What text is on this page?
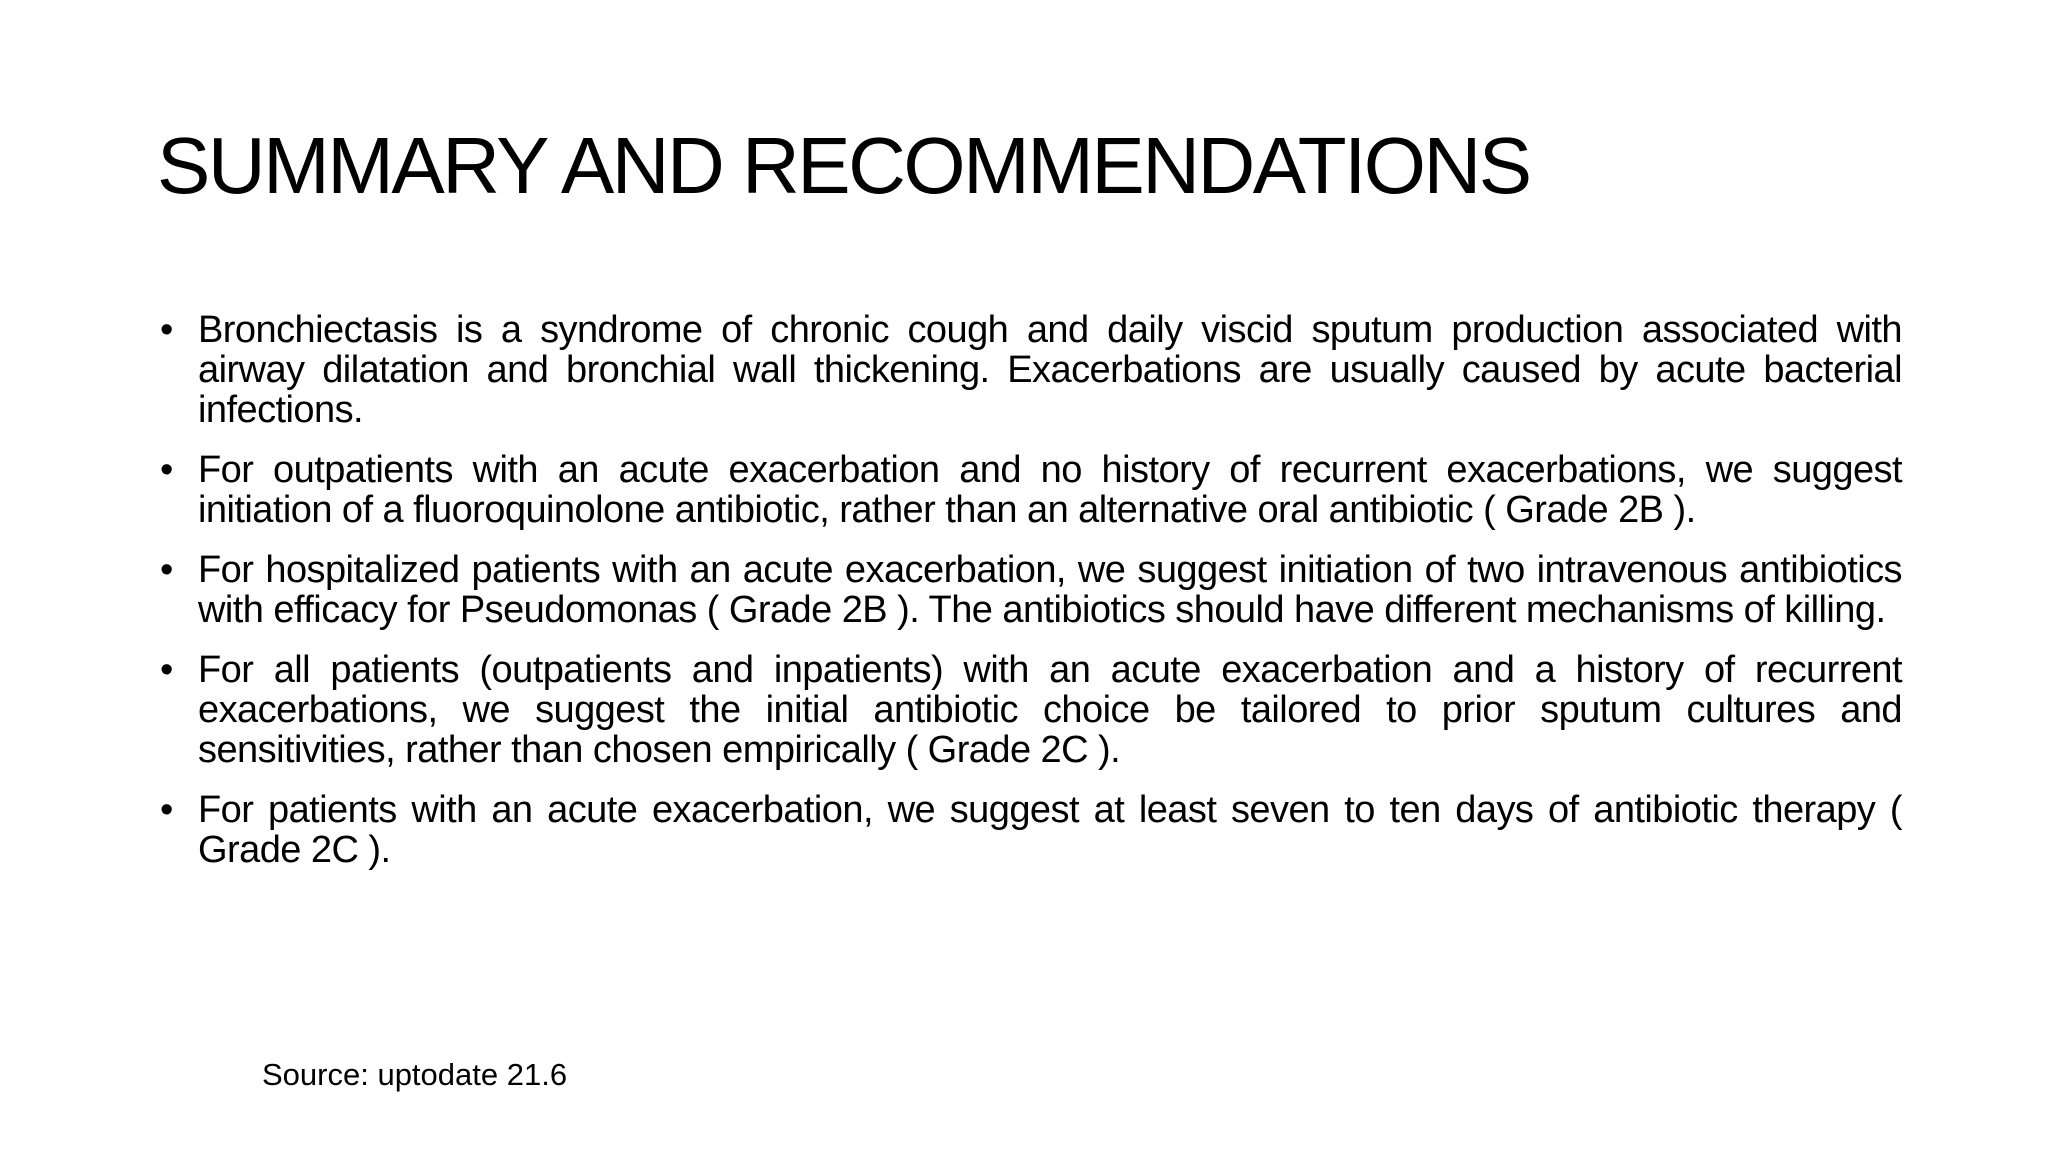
SUMMARY AND RECOMMENDATIONS
• Bronchiectasis is a syndrome of chronic cough and daily viscid sputum production associated with airway dilatation and bronchial wall thickening. Exacerbations are usually caused by acute bacterial infections.
• For outpatients with an acute exacerbation and no history of recurrent exacerbations, we suggest initiation of a fluoroquinolone antibiotic, rather than an alternative oral antibiotic ( Grade 2B ).
• For hospitalized patients with an acute exacerbation, we suggest initiation of two intravenous antibiotics with efficacy for Pseudomonas ( Grade 2B ). The antibiotics should have different mechanisms of killing.
• For all patients (outpatients and inpatients) with an acute exacerbation and a history of recurrent exacerbations, we suggest the initial antibiotic choice be tailored to prior sputum cultures and sensitivities, rather than chosen empirically ( Grade 2C ).
• For patients with an acute exacerbation, we suggest at least seven to ten days of antibiotic therapy ( Grade 2C ).
Source: uptodate 21.6
